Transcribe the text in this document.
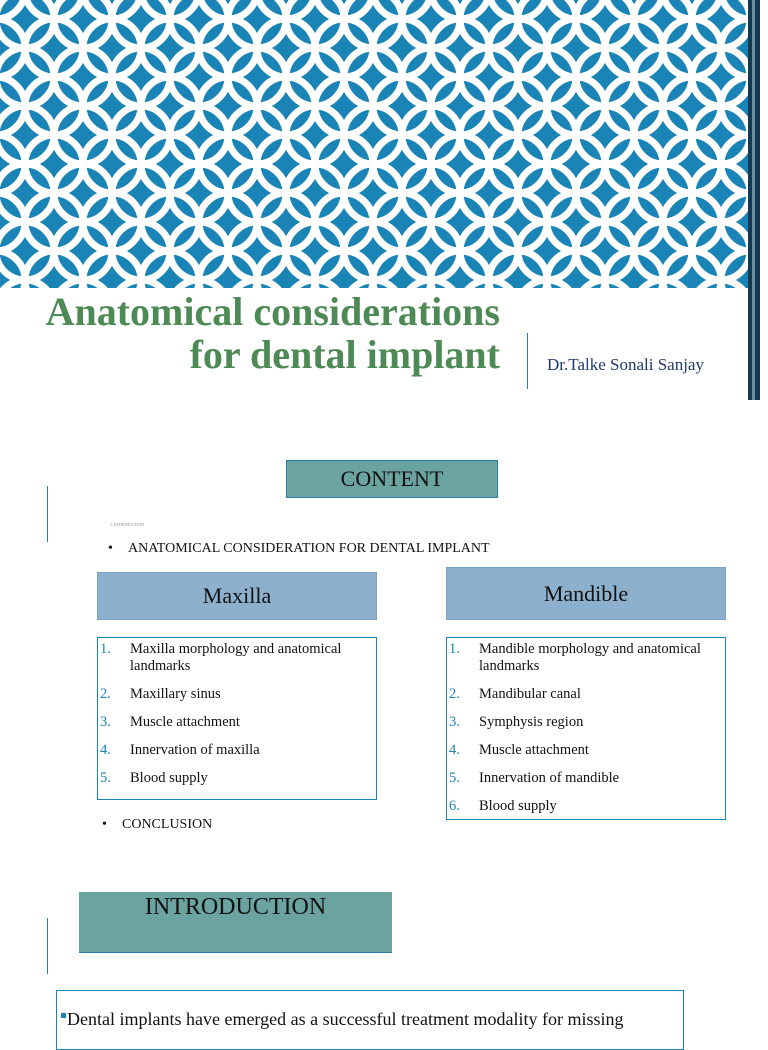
Anatomical considerations for dental implant	Dr.Talke Sonali Sanjay
CONTENT
1. INTRODUCTION
• ANATOMICAL CONSIDERATION FOR DENTAL IMPLANT
Maxilla
1.	Maxilla morphology and anatomical landmarks
2.	Maxillary sinus
3.	Muscle attachment
4.	Innervation of maxilla
5.	Blood supply
Mandible
1.	Mandible morphology and anatomical landmarks
2.	Mandibular canal
3.	Symphysis region
4.	Muscle attachment
5.	Innervation of mandible
6.	Blood supply
• CONCLUSION
INTRODUCTION
Dental implants have emerged as a successful treatment modality for missing
